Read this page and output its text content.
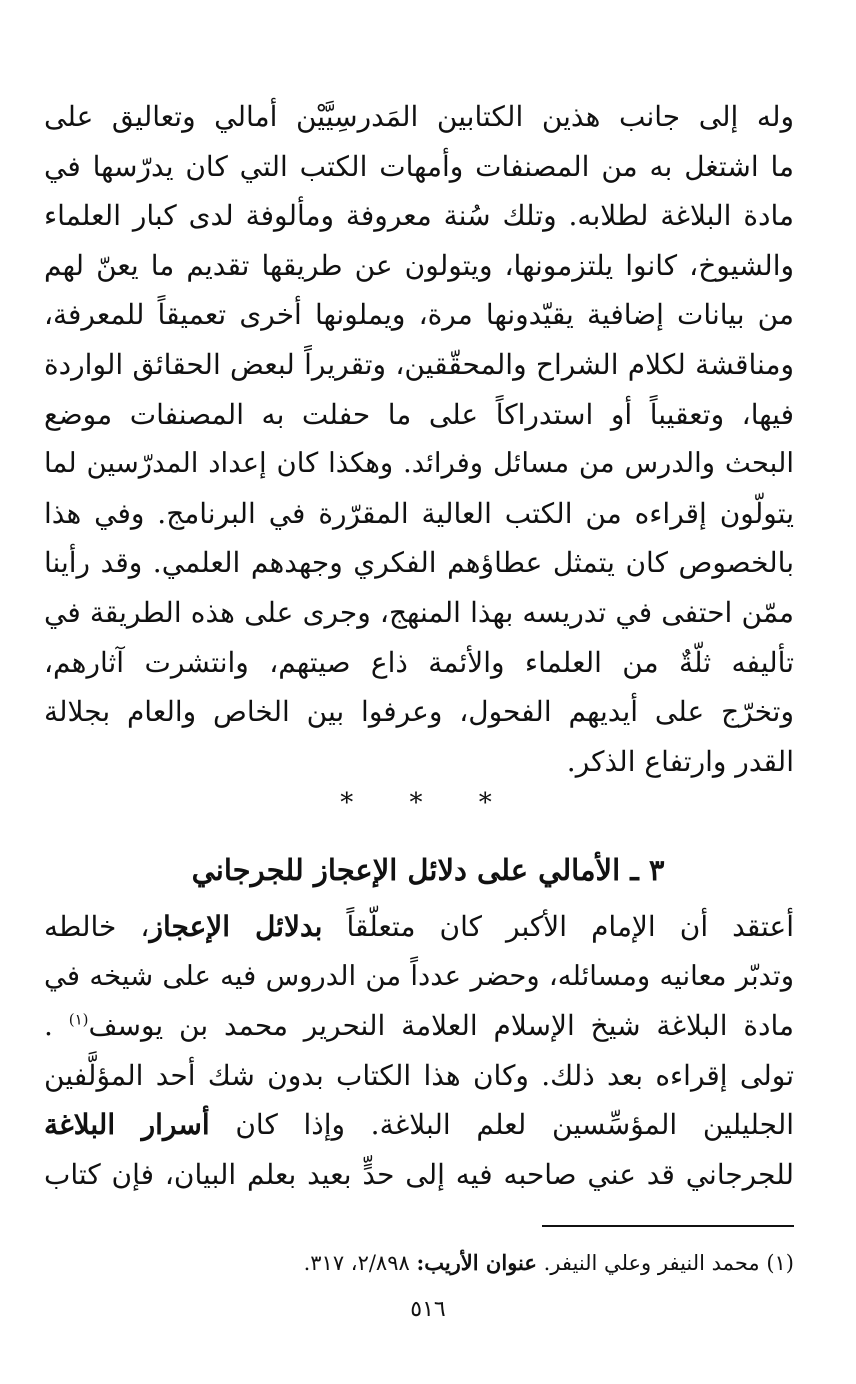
وله إلى جانب هذين الكتابين المَدرسِيَّيْن أمالي وتعاليق على
ما اشتغل به من المصنفات وأمهات الكتب التي كان يدرّسها في
مادة البلاغة لطلابه. وتلك سُنة معروفة ومألوفة لدى كبار العلماء
والشيوخ، كانوا يلتزمونها، ويتولون عن طريقها تقديم ما يعنّ لهم
من بيانات إضافية يقيّدونها مرة، ويملونها أخرى تعميقاً للمعرفة،
ومناقشة لكلام الشراح والمحقّقين، وتقريراً لبعض الحقائق الواردة
فيها، وتعقيباً أو استدراكاً على ما حفلت به المصنفات موضع
البحث والدرس من مسائل وفرائد. وهكذا كان إعداد المدرّسين لما
يتولّون إقراءه من الكتب العالية المقرّرة في البرنامج. وفي هذا
بالخصوص كان يتمثل عطاؤهم الفكري وجهدهم العلمي. وقد رأينا
ممّن احتفى في تدريسه بهذا المنهج، وجرى على هذه الطريقة في
تأليفه ثلّةٌ من العلماء والأئمة ذاع صيتهم، وانتشرت آثارهم،
وتخرّج على أيديهم الفحول، وعرفوا بين الخاص والعام بجلالة
القدر وارتفاع الذكر.
* * *
٣ ـ الأمالي على دلائل الإعجاز للجرجاني
أعتقد أن الإمام الأكبر كان متعلّقاً بدلائل الإعجاز، خالطه
وتدبّر معانيه ومسائله، وحضر عدداً من الدروس فيه على شيخه في
مادة البلاغة شيخ الإسلام العلامة النحرير محمد بن يوسف$^{(١)}$ .
تولى إقراءه بعد ذلك. وكان هذا الكتاب بدون شك أحد المؤلَّفين
الجليلين المؤسِّسين لعلم البلاغة. وإذا كان أسرار البلاغة
للجرجاني قد عني صاحبه فيه إلى حدٍّ بعيد بعلم البيان، فإن كتاب
(١) محمد النيفر وعلي النيفر. عنوان الأريب: ٢/٨٩٨، ٣١٧.
٥١٦
